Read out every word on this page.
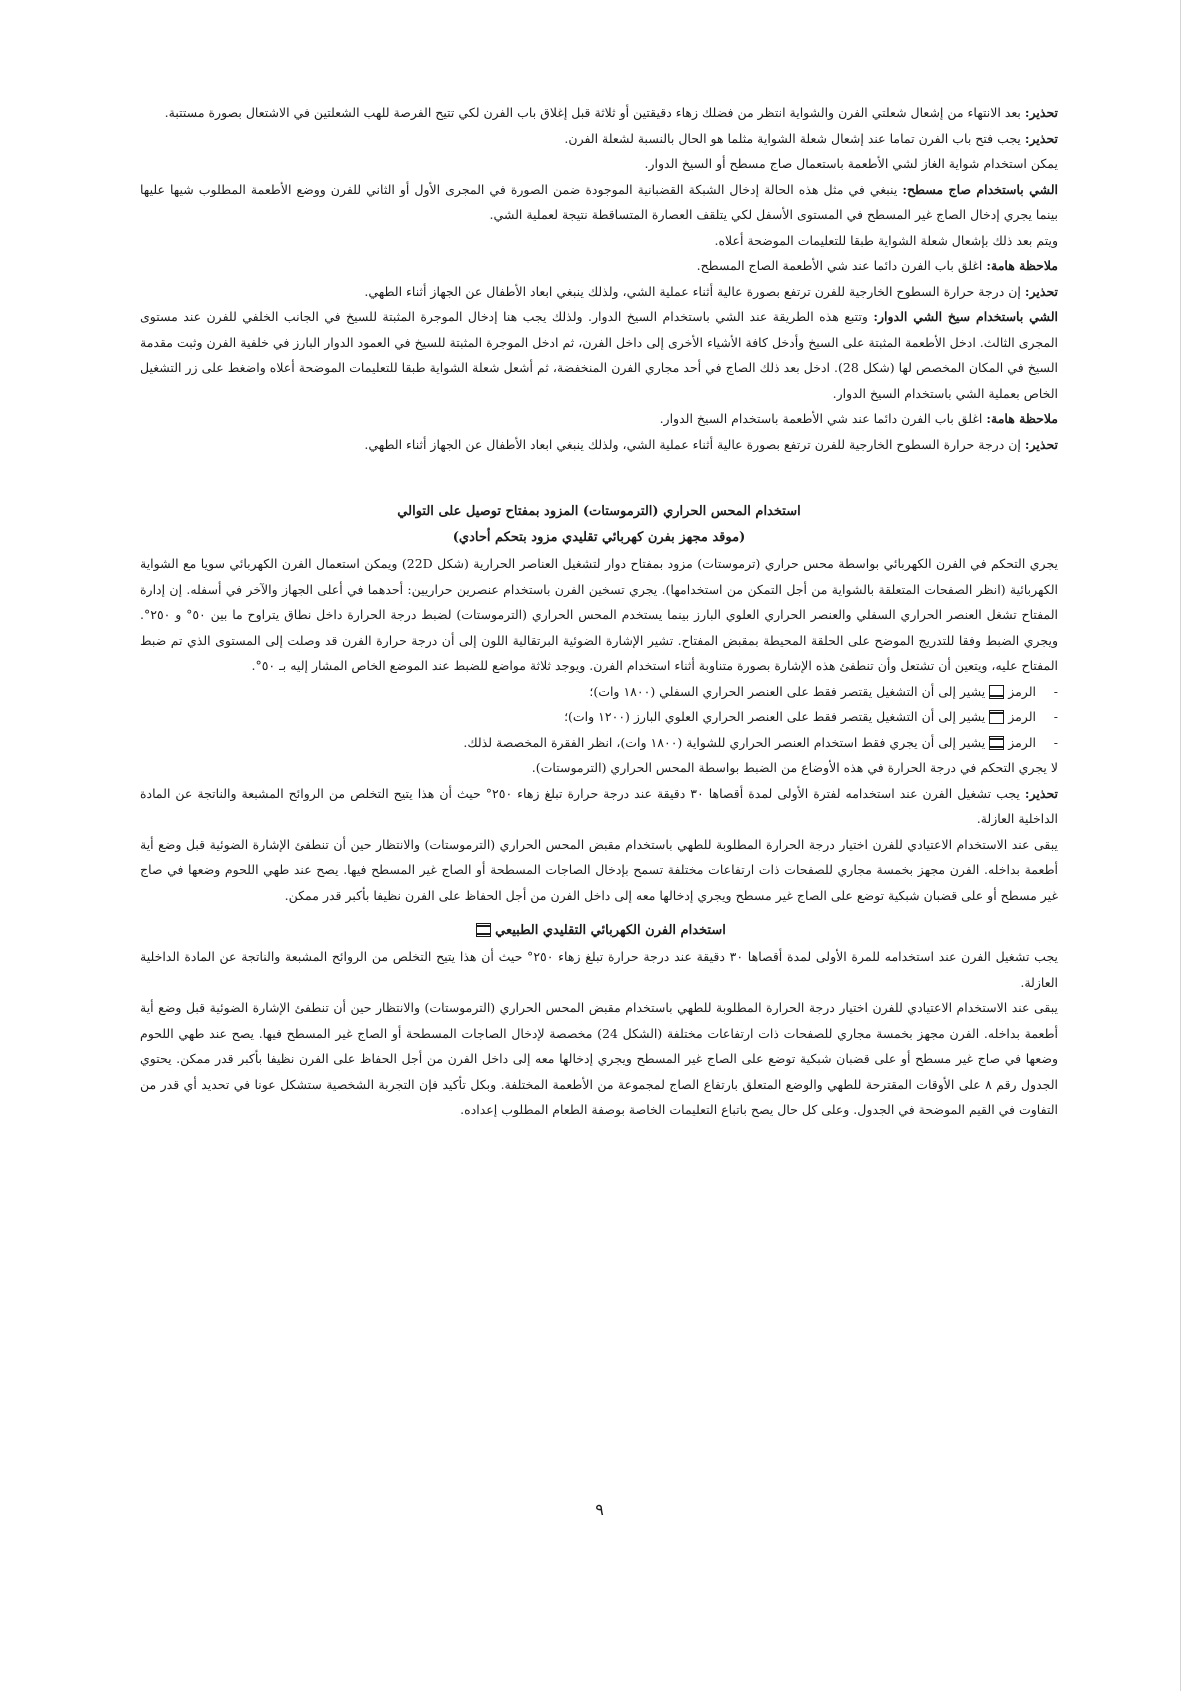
تحذير: بعد الانتهاء من إشعال شعلتي الفرن والشواية انتظر من فضلك زهاء دقيقتين أو ثلاثة قبل إغلاق باب الفرن لكي تتيح الفرصة للهب الشعلتين في الاشتعال بصورة مستتبة.

تحذير: يجب فتح باب الفرن تماما عند إشعال شعلة الشواية مثلما هو الحال بالنسبة لشعلة الفرن.

يمكن استخدام شواية الغاز لشي الأطعمة باستعمال صاج مسطح أو السيخ الدوار.

الشي باستخدام صاج مسطح: ينبغي في مثل هذه الحالة إدخال الشبكة القضبانية الموجودة ضمن الصورة في المجرى الأول أو الثاني للفرن ووضع الأطعمة المطلوب شيها عليها بينما يجري إدخال الصاج غير المسطح في المستوى الأسفل لكي يتلقف العصارة المتساقطة نتيجة لعملية الشي.

ويتم بعد ذلك بإشعال شعلة الشواية طبقا للتعليمات الموضحة أعلاه.

ملاحظة هامة: اغلق باب الفرن دائما عند شي الأطعمة الصاج المسطح.

تحذير: إن درجة حرارة السطوح الخارجية للفرن ترتفع بصورة عالية أثناء عملية الشي، ولذلك ينبغي ابعاد الأطفال عن الجهاز أثناء الطهي.

الشي باستخدام سيخ الشي الدوار: وتتبع هذه الطريقة عند الشي باستخدام السيخ الدوار. ولذلك يجب هنا إدخال الموجرة المثبتة للسيخ في الجانب الخلفي للفرن عند مستوى المجرى الثالث. ادخل الأطعمة المثبتة على السيخ وأدخل كافة الأشياء الأخرى إلى داخل الفرن، ثم ادخل الموجرة المثبتة للسيخ في العمود الدوار البارز في خلفية الفرن وثبت مقدمة السيخ في المكان المخصص لها (شكل 28). ادخل بعد ذلك الصاج في أحد مجاري الفرن المنخفضة، ثم أشعل شعلة الشواية طبقا للتعليمات الموضحة أعلاه واضغط على زر التشغيل الخاص بعملية الشي باستخدام السيخ الدوار.

ملاحظة هامة: اغلق باب الفرن دائما عند شي الأطعمة باستخدام السيخ الدوار.

تحذير: إن درجة حرارة السطوح الخارجية للفرن ترتفع بصورة عالية أثناء عملية الشي، ولذلك ينبغي ابعاد الأطفال عن الجهاز أثناء الطهي.

استخدام المحس الحراري (الترموستات) المزود بمفتاح توصيل على التوالي

(موقد مجهز بفرن كهربائي تقليدي مزود بتحكم أحادي)

يجري التحكم في الفرن الكهربائي بواسطة محس حراري (ترموستات) مزود بمفتاح دوار لتشغيل العناصر الحرارية (شكل 22D) ويمكن استعمال الفرن الكهربائي سويا مع الشواية الكهربائية (انظر الصفحات المتعلقة بالشواية من أجل التمكن من استخدامها). يجري تسخين الفرن باستخدام عنصرين حراريين: أحدهما في أعلى الجهاز والآخر في أسفله. إن إدارة المفتاح تشغل العنصر الحراري السفلي والعنصر الحراري العلوي البارز بينما يستخدم المحس الحراري (الترموستات) لضبط درجة الحرارة داخل نطاق يتراوح ما بين ٥٠° و ٢٥٠°. ويجري الضبط وفقا للتدريج الموضح على الحلقة المحيطة بمقبض المفتاح. تشير الإشارة الضوئية البرتقالية اللون إلى أن درجة حرارة الفرن قد وصلت إلى المستوى الذي تم ضبط المفتاح عليه، ويتعين أن تشتعل وأن تنطفئ هذه الإشارة بصورة متناوبة أثناء استخدام الفرن. ويوجد ثلاثة مواضع للضبط عند الموضع الخاص المشار إليه بـ ٥٠°.

- الرمزيشير إلى أن التشغيل يقتصر فقط على العنصر الحراري السفلي (١٨٠٠ وات)؛

- الرمزيشير إلى أن التشغيل يقتصر فقط على العنصر الحراري العلوي البارز (١٢٠٠ وات)؛

- الرمزيشير إلى أن يجري فقط استخدام العنصر الحراري للشواية (١٨٠٠ وات)، انظر الفقرة المخصصة لذلك.

لا يجري التحكم في درجة الحرارة في هذه الأوضاع من الضبط بواسطة المحس الحراري (الترموستات).

تحذير: يجب تشغيل الفرن عند استخدامه لفترة الأولى لمدة أقصاها ٣٠ دقيقة عند درجة حرارة تبلغ زهاء ٢٥٠° حيث أن هذا يتيح التخلص من الروائح المشبعة والناتجة عن المادة الداخلية العازلة.

يبقى عند الاستخدام الاعتيادي للفرن اختيار درجة الحرارة المطلوبة للطهي باستخدام مقبض المحس الحراري (الترموستات) والانتظار حين أن تنطفئ الإشارة الضوئية قبل وضع أية أطعمة بداخله. الفرن مجهز بخمسة مجاري للصفحات ذات ارتفاعات مختلفة تسمح بإدخال الصاجات المسطحة أو الصاج غير المسطح فيها. يصح عند طهي اللحوم وضعها في صاج غير مسطح أو على قضبان شبكية توضع على الصاج غير مسطح ويجري إدخالها معه إلى داخل الفرن من أجل الحفاظ على الفرن نظيفا بأكبر قدر ممكن.

استخدام الفرن الكهربائي التقليدي الطبيعي

يجب تشغيل الفرن عند استخدامه للمرة الأولى لمدة أقصاها ٣٠ دقيقة عند درجة حرارة تبلغ زهاء ٢٥٠° حيث أن هذا يتيح التخلص من الروائح المشبعة والناتجة عن المادة الداخلية العازلة.

يبقى عند الاستخدام الاعتيادي للفرن اختيار درجة الحرارة المطلوبة للطهي باستخدام مقبض المحس الحراري (الترموستات) والانتظار حين أن تنطفئ الإشارة الضوئية قبل وضع أية أطعمة بداخله. الفرن مجهز بخمسة مجاري للصفحات ذات ارتفاعات مختلفة (الشكل 24) مخصصة لإدخال الصاجات المسطحة أو الصاج غير المسطح فيها. يصح عند طهي اللحوم وضعها في صاج غير مسطح أو على قضبان شبكية توضع على الصاج غير المسطح ويجري إدخالها معه إلى داخل الفرن من أجل الحفاظ على الفرن نظيفا بأكبر قدر ممكن. يحتوي الجدول رقم ٨ على الأوقات المقترحة للطهي والوضع المتعلق بارتفاع الصاج لمجموعة من الأطعمة المختلفة. وبكل تأكيد فإن التجربة الشخصية ستشكل عونا في تحديد أي قدر من التفاوت في القيم الموضحة في الجدول. وعلى كل حال يصح باتباع التعليمات الخاصة بوصفة الطعام المطلوب إعداده.

٩
